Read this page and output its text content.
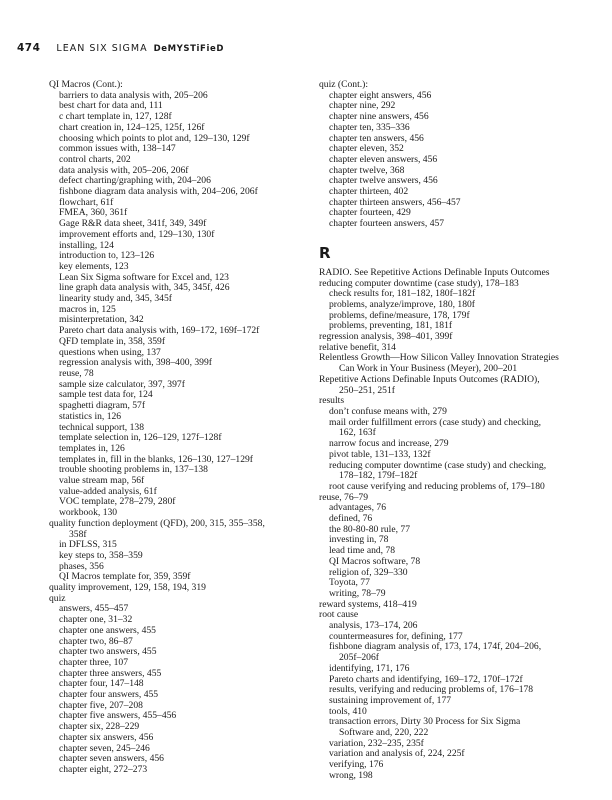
474 LEAN SIX SIGMA DeMYSTiFieD
QI Macros (Cont.):
barriers to data analysis with, 205–206
best chart for data and, 111
c chart template in, 127, 128f
chart creation in, 124–125, 125f, 126f
choosing which points to plot and, 129–130, 129f
common issues with, 138–147
control charts, 202
data analysis with, 205–206, 206f
defect charting/graphing with, 204–206
fishbone diagram data analysis with, 204–206, 206f
flowchart, 61f
FMEA, 360, 361f
Gage R&R data sheet, 341f, 349, 349f
improvement efforts and, 129–130, 130f
installing, 124
introduction to, 123–126
key elements, 123
Lean Six Sigma software for Excel and, 123
line graph data analysis with, 345, 345f, 426
linearity study and, 345, 345f
macros in, 125
misinterpretation, 342
Pareto chart data analysis with, 169–172, 169f–172f
QFD template in, 358, 359f
questions when using, 137
regression analysis with, 398–400, 399f
reuse, 78
sample size calculator, 397, 397f
sample test data for, 124
spaghetti diagram, 57f
statistics in, 126
technical support, 138
template selection in, 126–129, 127f–128f
templates in, 126
templates in, fill in the blanks, 126–130, 127–129f
trouble shooting problems in, 137–138
value stream map, 56f
value-added analysis, 61f
VOC template, 278–279, 280f
workbook, 130
quality function deployment (QFD), 200, 315, 355–358,
358f
in DFLSS, 315
key steps to, 358–359
phases, 356
QI Macros template for, 359, 359f
quality improvement, 129, 158, 194, 319
quiz
answers, 455–457
chapter one, 31–32
chapter one answers, 455
chapter two, 86–87
chapter two answers, 455
chapter three, 107
chapter three answers, 455
chapter four, 147–148
chapter four answers, 455
chapter five, 207–208
chapter five answers, 455–456
chapter six, 228–229
chapter six answers, 456
chapter seven, 245–246
chapter seven answers, 456
chapter eight, 272–273
quiz (Cont.):
chapter eight answers, 456
chapter nine, 292
chapter nine answers, 456
chapter ten, 335–336
chapter ten answers, 456
chapter eleven, 352
chapter eleven answers, 456
chapter twelve, 368
chapter twelve answers, 456
chapter thirteen, 402
chapter thirteen answers, 456–457
chapter fourteen, 429
chapter fourteen answers, 457
R
RADIO. See Repetitive Actions Definable Inputs Outcomes
reducing computer downtime (case study), 178–183
check results for, 181–182, 180f–182f
problems, analyze/improve, 180, 180f
problems, define/measure, 178, 179f
problems, preventing, 181, 181f
regression analysis, 398–401, 399f
relative benefit, 314
Relentless Growth—How Silicon Valley Innovation Strategies
Can Work in Your Business (Meyer), 200–201
Repetitive Actions Definable Inputs Outcomes (RADIO),
250–251, 251f
results
don’t confuse means with, 279
mail order fulfillment errors (case study) and checking,
162, 163f
narrow focus and increase, 279
pivot table, 131–133, 132f
reducing computer downtime (case study) and checking,
178–182, 179f–182f
root cause verifying and reducing problems of, 179–180
reuse, 76–79
advantages, 76
defined, 76
the 80-80-80 rule, 77
investing in, 78
lead time and, 78
QI Macros software, 78
religion of, 329–330
Toyota, 77
writing, 78–79
reward systems, 418–419
root cause
analysis, 173–174, 206
countermeasures for, defining, 177
fishbone diagram analysis of, 173, 174, 174f, 204–206,
205f–206f
identifying, 171, 176
Pareto charts and identifying, 169–172, 170f–172f
results, verifying and reducing problems of, 176–178
sustaining improvement of, 177
tools, 410
transaction errors, Dirty 30 Process for Six Sigma
Software and, 220, 222
variation, 232–235, 235f
variation and analysis of, 224, 225f
verifying, 176
wrong, 198
